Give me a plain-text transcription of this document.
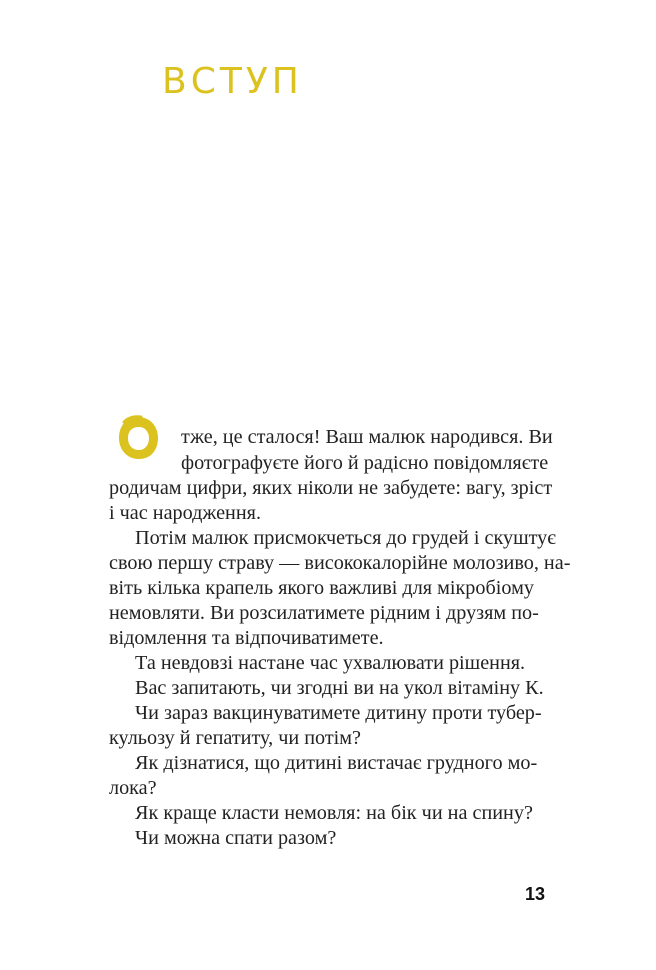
ВСТУП
тже, це сталося! Ваш малюк народився. Ви
фотографуєте його й радісно повідомляєте
родичам цифри, яких ніколи не забудете: вагу, зріст
і час народження.
Потім малюк присмокчеться до грудей і скуштує
свою першу страву — висококалорійне молозиво, на-
віть кілька крапель якого важливі для мікробіому
немовляти. Ви розсилатимете рідним і друзям по-
відомлення та відпочиватимете.
Та невдовзі настане час ухвалювати рішення.
Вас запитають, чи згодні ви на укол вітаміну К.
Чи зараз вакцинуватимете дитину проти тубер-
кульозу й гепатиту, чи потім?
Як дізнатися, що дитині вистачає грудного мо-
лока?
Як краще класти немовля: на бік чи на спину?
Чи можна спати разом?
13
